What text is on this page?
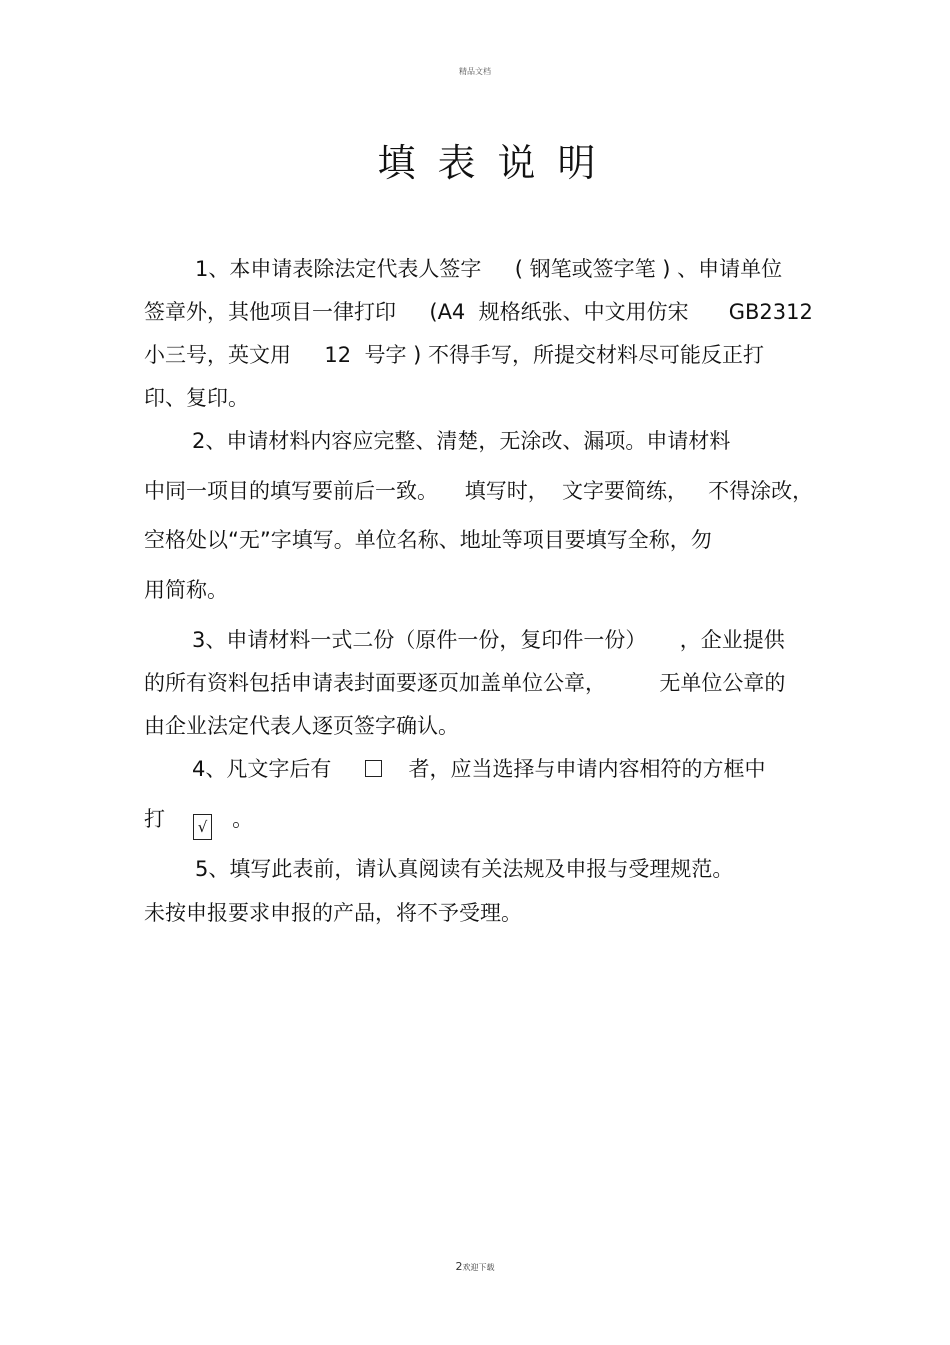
精品文档
填表说明
1、本申请表除法定代表人签字     ( 钢笔或签字笔 ) 、申请单位
签章外，其他项目一律打印     (A4  规格纸张、中文用仿宋      GB2312
小三号，英文用     12  号字 ) 不得手写，所提交材料尽可能反正打
印、复印。
2、申请材料内容应完整、清楚，无涂改、漏项。申请材料
中同一项目的填写要前后一致。    填写时，  文字要简练，   不得涂改，
空格处以“无”字填写。单位名称、地址等项目要填写全称，勿
用简称。
3、申请材料一式二份（原件一份，复印件一份）     ，企业提供
的所有资料包括申请表封面要逐页加盖单位公章，        无单位公章的
由企业法定代表人逐页签字确认。
4、凡文字后有	者，应当选择与申请内容相符的方框中
打 √ 。
5、填写此表前，请认真阅读有关法规及申报与受理规范。
未按申报要求申报的产品，将不予受理。
2欢迎下载
